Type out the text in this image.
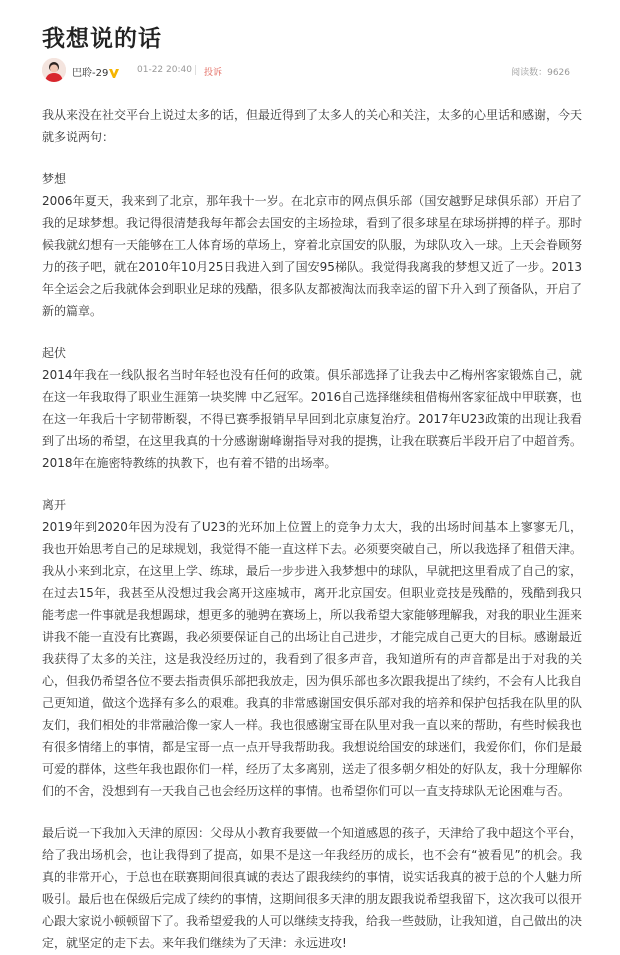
我想说的话
巴聆-29	01-22 20:40 投诉	阅读数：9626

我从来没在社交平台上说过太多的话，但最近得到了太多人的关心和关注，太多的心里话和感谢，今天就多说两句：

梦想

2006年夏天，我来到了北京，那年我十一岁。在北京市的网点俱乐部（国安越野足球俱乐部）开启了我的足球梦想。我记得很清楚我每年都会去国安的主场捡球，看到了很多球星在球场拼搏的样子。那时候我就幻想有一天能够在工人体育场的草场上，穿着北京国安的队服，为球队攻入一球。上天会眷顾努力的孩子吧，就在2010年10月25日我进入到了国安95梯队。我觉得我离我的梦想又近了一步。2013年全运会之后我就体会到职业足球的残酷，很多队友都被淘汰而我幸运的留下升入到了预备队，开启了新的篇章。

起伏

2014年我在一线队报名当时年轻也没有任何的政策。俱乐部选择了让我去中乙梅州客家锻炼自己，就在这一年我取得了职业生涯第一块奖牌 中乙冠军。2016自己选择继续租借梅州客家征战中甲联赛，也在这一年我后十字韧带断裂，不得已赛季报销早早回到北京康复治疗。2017年U23政策的出现让我看到了出场的希望，在这里我真的十分感谢谢峰谢指导对我的提携，让我在联赛后半段开启了中超首秀。2018年在施密特教练的执教下，也有着不错的出场率。

离开

2019年到2020年因为没有了U23的光环加上位置上的竞争力太大，我的出场时间基本上寥寥无几，我也开始思考自己的足球规划，我觉得不能一直这样下去。必须要突破自己，所以我选择了租借天津。我从小来到北京，在这里上学、练球，最后一步步进入我梦想中的球队，早就把这里看成了自己的家，在过去15年，我甚至从没想过我会离开这座城市，离开北京国安。但职业竞技是残酷的，残酷到我只能考虑一件事就是我想踢球，想更多的驰骋在赛场上，所以我希望大家能够理解我，对我的职业生涯来讲我不能一直没有比赛踢，我必须要保证自己的出场让自己进步，才能完成自己更大的目标。感谢最近我获得了太多的关注，这是我没经历过的，我看到了很多声音，我知道所有的声音都是出于对我的关心，但我仍希望各位不要去指责俱乐部把我放走，因为俱乐部也多次跟我提出了续约，不会有人比我自己更知道，做这个选择有多么的艰难。我真的非常感谢国安俱乐部对我的培养和保护包括我在队里的队友们，我们相处的非常融洽像一家人一样。我也很感谢宝哥在队里对我一直以来的帮助，有些时候我也有很多情绪上的事情，都是宝哥一点一点开导我帮助我。我想说给国安的球迷们，我爱你们，你们是最可爱的群体，这些年我也跟你们一样，经历了太多离别，送走了很多朝夕相处的好队友，我十分理解你们的不舍，没想到有一天我自己也会经历这样的事情。也希望你们可以一直支持球队无论困难与否。

最后说一下我加入天津的原因：父母从小教育我要做一个知道感恩的孩子，天津给了我中超这个平台，给了我出场机会，也让我得到了提高，如果不是这一年我经历的成长，也不会有“被看见”的机会。我真的非常开心，于总也在联赛期间很真诚的表达了跟我续约的事情，说实话我真的被于总的个人魅力所吸引。最后也在保级后完成了续约的事情，这期间很多天津的朋友跟我说希望我留下，这次我可以很开心跟大家说小顿顿留下了。我希望爱我的人可以继续支持我，给我一些鼓励，让我知道，自己做出的决定，就坚定的走下去。来年我们继续为了天津：永远进攻!
